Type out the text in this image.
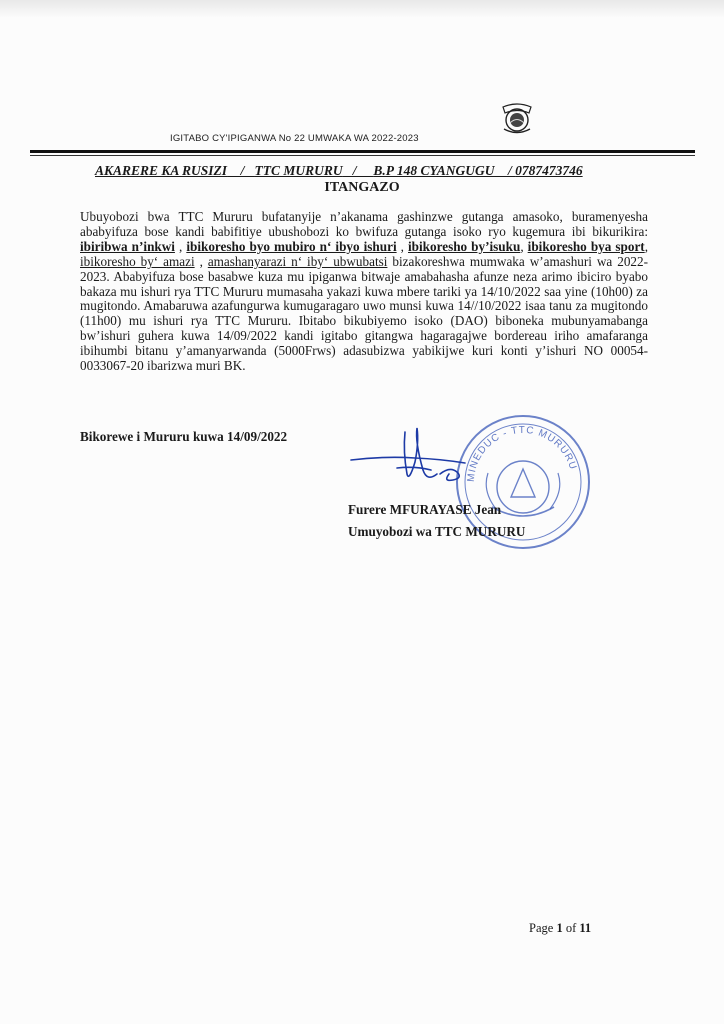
IGITABO CY'IPIGANWA No 22 UMWAKA WA 2022-2023
AKARERE KA RUSIZI    /   TTC MURURU   /     B.P 148 CYANGUGU    / 0787473746
ITANGAZO

Ubuyobozi bwa TTC Mururu bufatanyije n’akanama gashinzwe gutanga amasoko, buramenyesha ababyifuza bose kandi babifitiye ubushobozi ko bwifuza gutanga isoko ryo kugemura ibi bikurikira: ibiribwa n’inkwi , ibikoresho byo mubiro n‘ ibyo ishuri , ibikoresho by’isuku, ibikoresho bya sport, ibikoresho by‘ amazi , amashanyarazi n‘ iby‘ ubwubatsi bizakoreshwa mumwaka w’amashuri wa 2022-2023. Ababyifuza bose basabwe kuza mu ipiganwa bitwaje amabahasha afunze neza arimo ibiciro byabo bakaza mu ishuri rya TTC Mururu mumasaha yakazi kuwa mbere tariki ya 14/10/2022 saa yine (10h00) za mugitondo. Amabaruwa azafungurwa kumugaragaro uwo munsi kuwa 14//10/2022 isaa tanu za mugitondo (11h00) mu ishuri rya TTC Mururu. Ibitabo bikubiyemo isoko (DAO) biboneka mubunyamabanga bw’ishuri guhera kuwa 14/09/2022 kandi igitabo gitangwa hagaragajwe bordereau iriho amafaranga ibihumbi bitanu y’amanyarwanda (5000Frws) adasubizwa yabikijwe kuri konti y’ishuri NO 00054-0033067-20 ibarizwa muri BK.

Bikorewe i Mururu kuwa 14/09/2022
MINEDUC - TTC MURURU
Furere MFURAYASE Jean
Umuyobozi wa TTC MURURU
Page 1 of 11
